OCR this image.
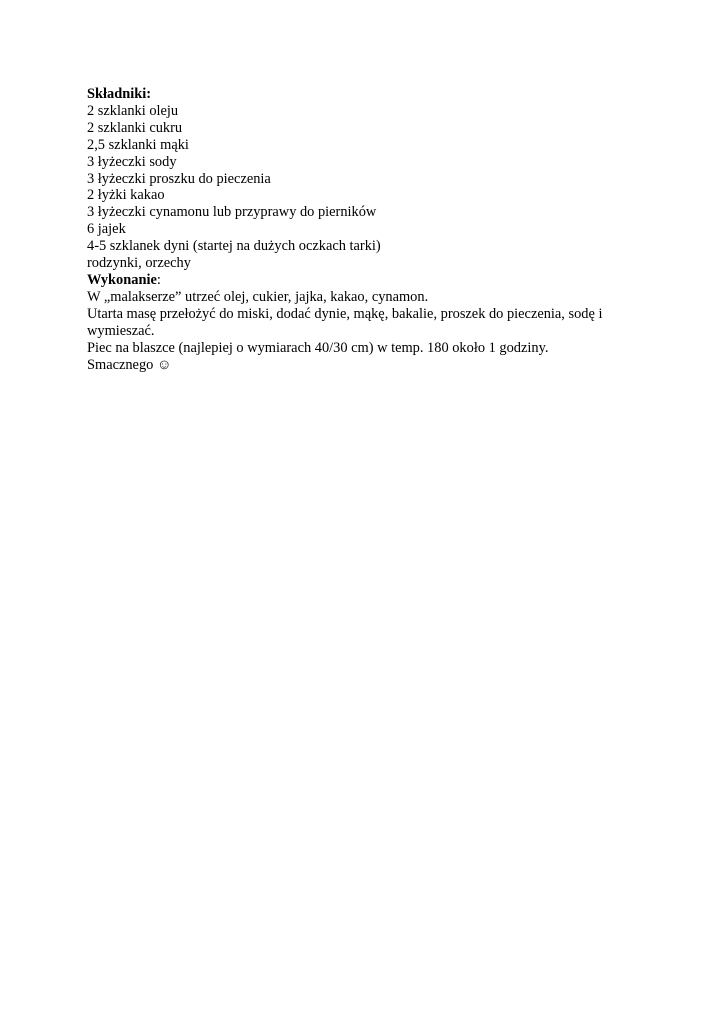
Składniki:
2 szklanki oleju
2 szklanki cukru
2,5 szklanki mąki
3 łyżeczki sody
3 łyżeczki proszku do pieczenia
2 łyżki kakao
3 łyżeczki cynamonu lub przyprawy do pierników
6 jajek
4-5 szklanek dyni (startej na dużych oczkach tarki)
rodzynki, orzechy
Wykonanie:
W „malakserze” utrzeć olej, cukier, jajka, kakao, cynamon.
Utarta masę przełożyć do miski, dodać dynie, mąkę, bakalie, proszek do pieczenia, sodę i wymieszać.
Piec na blaszce (najlepiej o wymiarach 40/30 cm) w temp. 180 około 1 godziny.
Smacznego ☺
